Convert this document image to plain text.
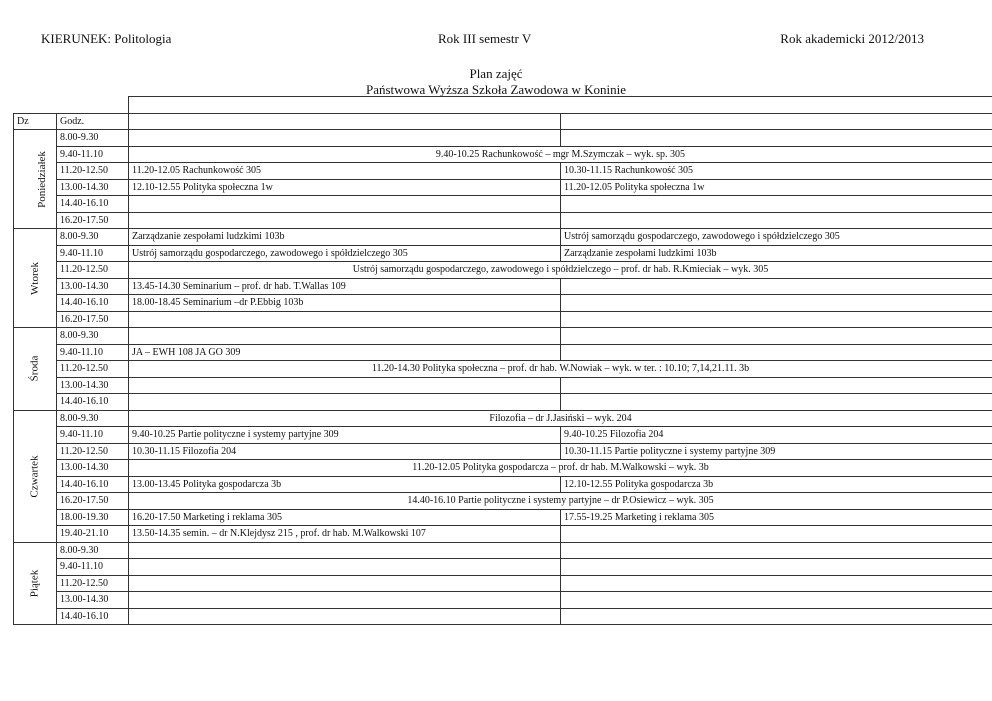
KIERUNEK: Politologia	Rok III semestr V	Rok akademicki 2012/2013
Plan zajęć
Państwowa Wyższa Szkoła Zawodowa w Koninie

Dz	Godz.		
Poniedziałek	8.00-9.30		
	9.40-11.10	9.40-10.25 Rachunkowość – mgr M.Szymczak – wyk. sp. 305	
	11.20-12.50	11.20-12.05 Rachunkowość 305	10.30-11.15 Rachunkowość 305
	13.00-14.30	12.10-12.55 Polityka społeczna 1w	11.20-12.05 Polityka społeczna 1w
	14.40-16.10		
	16.20-17.50		
Wtorek	8.00-9.30	Zarządzanie zespołami ludzkimi 103b	Ustrój samorządu gospodarczego, zawodowego i spółdzielczego 305
	9.40-11.10	Ustrój samorządu gospodarczego, zawodowego i spółdzielczego 305	Zarządzanie zespołami ludzkimi 103b
	11.20-12.50	Ustrój samorządu gospodarczego, zawodowego i spółdzielczego – prof. dr hab. R.Kmieciak – wyk. 305	
	13.00-14.30	13.45-14.30 Seminarium – prof. dr hab. T.Wallas 109	
	14.40-16.10	18.00-18.45 Seminarium –dr P.Ebbig 103b	
	16.20-17.50		
Środa	8.00-9.30		
	9.40-11.10	JA – EWH 108 JA GO 309	
	11.20-12.50	11.20-14.30 Polityka społeczna – prof. dr hab. W.Nowiak – wyk. w ter. : 10.10; 7,14,21.11. 3b	
	13.00-14.30		
	14.40-16.10		
Czwartek	8.00-9.30	Filozofia – dr J.Jasiński – wyk. 204	
	9.40-11.10	9.40-10.25 Partie polityczne i systemy partyjne 309	9.40-10.25 Filozofia 204
	11.20-12.50	10.30-11.15 Filozofia 204	10.30-11.15 Partie polityczne i systemy partyjne 309
	13.00-14.30	11.20-12.05 Polityka gospodarcza – prof. dr hab. M.Walkowski – wyk. 3b	
	14.40-16.10	13.00-13.45 Polityka gospodarcza 3b	12.10-12.55 Polityka gospodarcza 3b
	16.20-17.50	14.40-16.10 Partie polityczne i systemy partyjne – dr P.Osiewicz – wyk. 305	
	18.00-19.30	16.20-17.50 Marketing i reklama 305	17.55-19.25 Marketing i reklama 305
	19.40-21.10	13.50-14.35 semin. – dr N.Klejdysz 215 , prof. dr hab. M.Walkowski 107	
Piątek	8.00-9.30		
	9.40-11.10		
	11.20-12.50		
	13.00-14.30		
	14.40-16.10		
